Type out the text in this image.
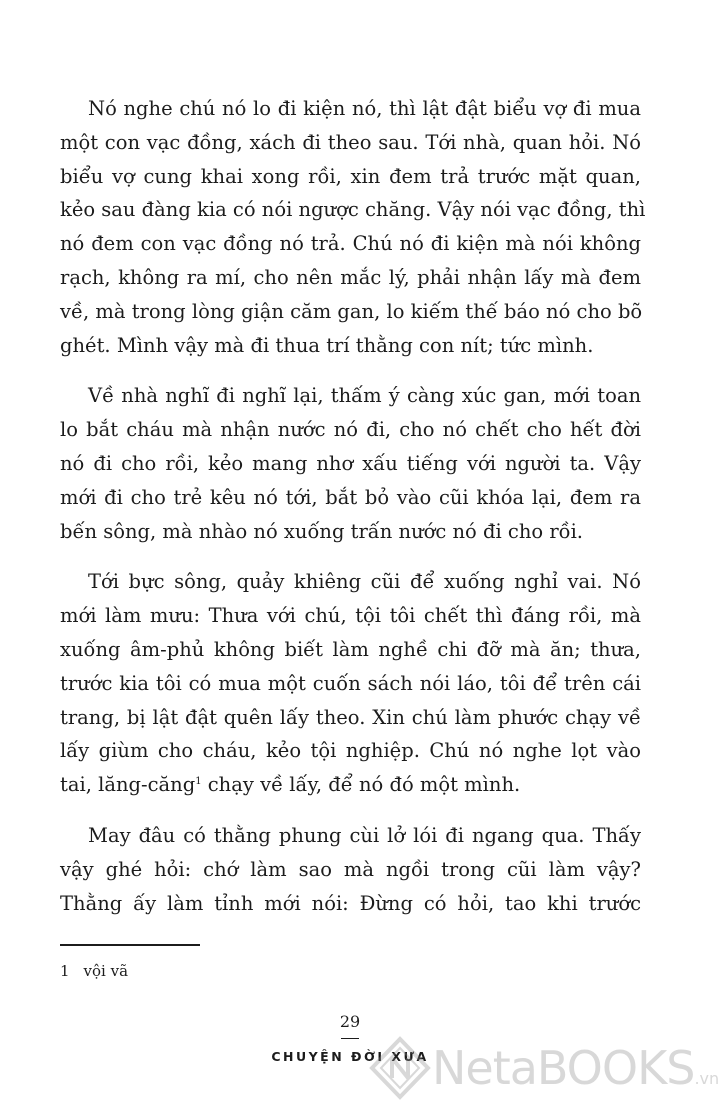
Nó nghe chú nó lo đi kiện nó, thì lật đật biểu vợ đi mua
một con vạc đồng, xách đi theo sau. Tới nhà, quan hỏi. Nó
biểu vợ cung khai xong rồi, xin đem trả trước mặt quan,
kẻo sau đàng kia có nói ngược chăng. Vậy nói vạc đồng, thì
nó đem con vạc đồng nó trả. Chú nó đi kiện mà nói không
rạch, không ra mí, cho nên mắc lý, phải nhận lấy mà đem
về, mà trong lòng giận căm gan, lo kiếm thế báo nó cho bõ
ghét. Mình vậy mà đi thua trí thằng con nít; tức mình.
Về nhà nghĩ đi nghĩ lại, thấm ý càng xúc gan, mới toan
lo bắt cháu mà nhận nước nó đi, cho nó chết cho hết đời
nó đi cho rồi, kẻo mang nhơ xấu tiếng với người ta. Vậy
mới đi cho trẻ kêu nó tới, bắt bỏ vào cũi khóa lại, đem ra
bến sông, mà nhào nó xuống trấn nước nó đi cho rồi.
Tới bực sông, quảy khiêng cũi để xuống nghỉ vai. Nó
mới làm mưu: Thưa với chú, tội tôi chết thì đáng rồi, mà
xuống âm-phủ không biết làm nghề chi đỡ mà ăn; thưa,
trước kia tôi có mua một cuốn sách nói láo, tôi để trên cái
trang, bị lật đật quên lấy theo. Xin chú làm phước chạy về
lấy giùm cho cháu, kẻo tội nghiệp. Chú nó nghe lọt vào
tai, lăng-căng$^1$ chạy về lấy, để nó đó một mình.
May đâu có thằng phung cùi lở lói đi ngang qua. Thấy
vậy ghé hỏi: chớ làm sao mà ngồi trong cũi làm vậy?
Thằng ấy làm tỉnh mới nói: Đừng có hỏi, tao khi trước
1 vội vã
29
CHUYỆN ĐỜI XƯA NetaBOOKS.vn
